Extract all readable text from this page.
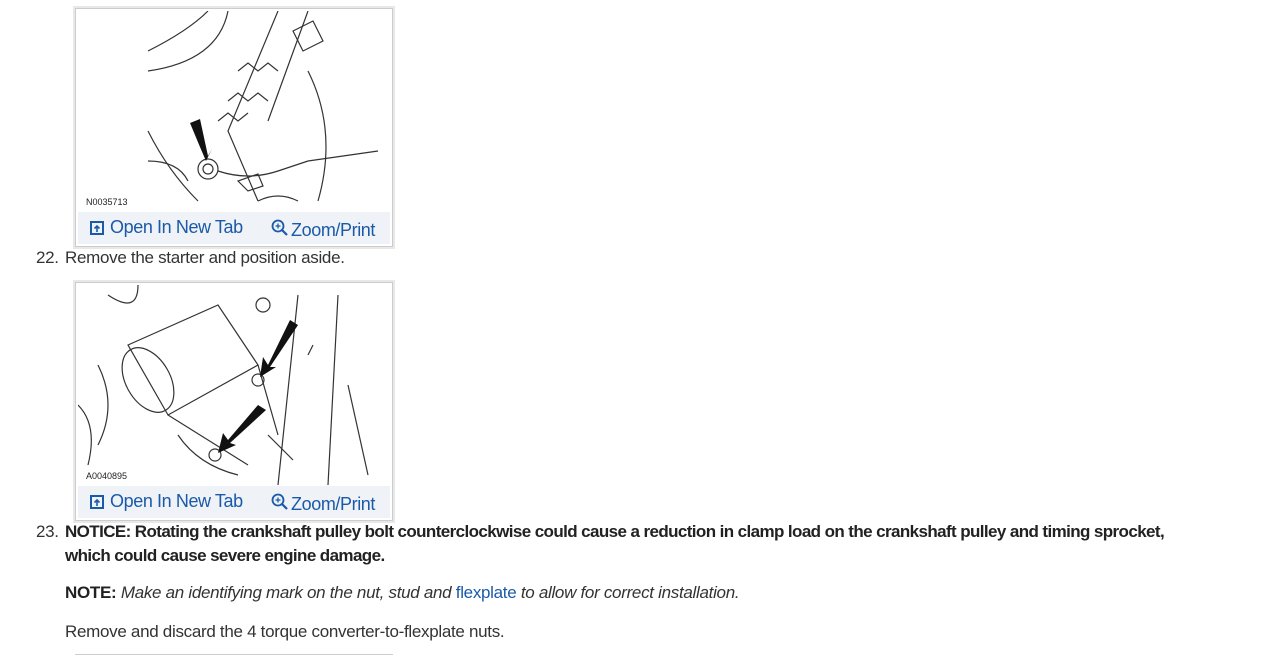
N0035713
Open In New Tab	Zoom/Print
22. Remove the starter and position aside.
A0040895
Open In New Tab	Zoom/Print
23. NOTICE: Rotating the crankshaft pulley bolt counterclockwise could cause a reduction in clamp load on the crankshaft pulley and timing sprocket,
which could cause severe engine damage.
NOTE: Make an identifying mark on the nut, stud and flexplate to allow for correct installation.
Remove and discard the 4 torque converter-to-flexplate nuts.
